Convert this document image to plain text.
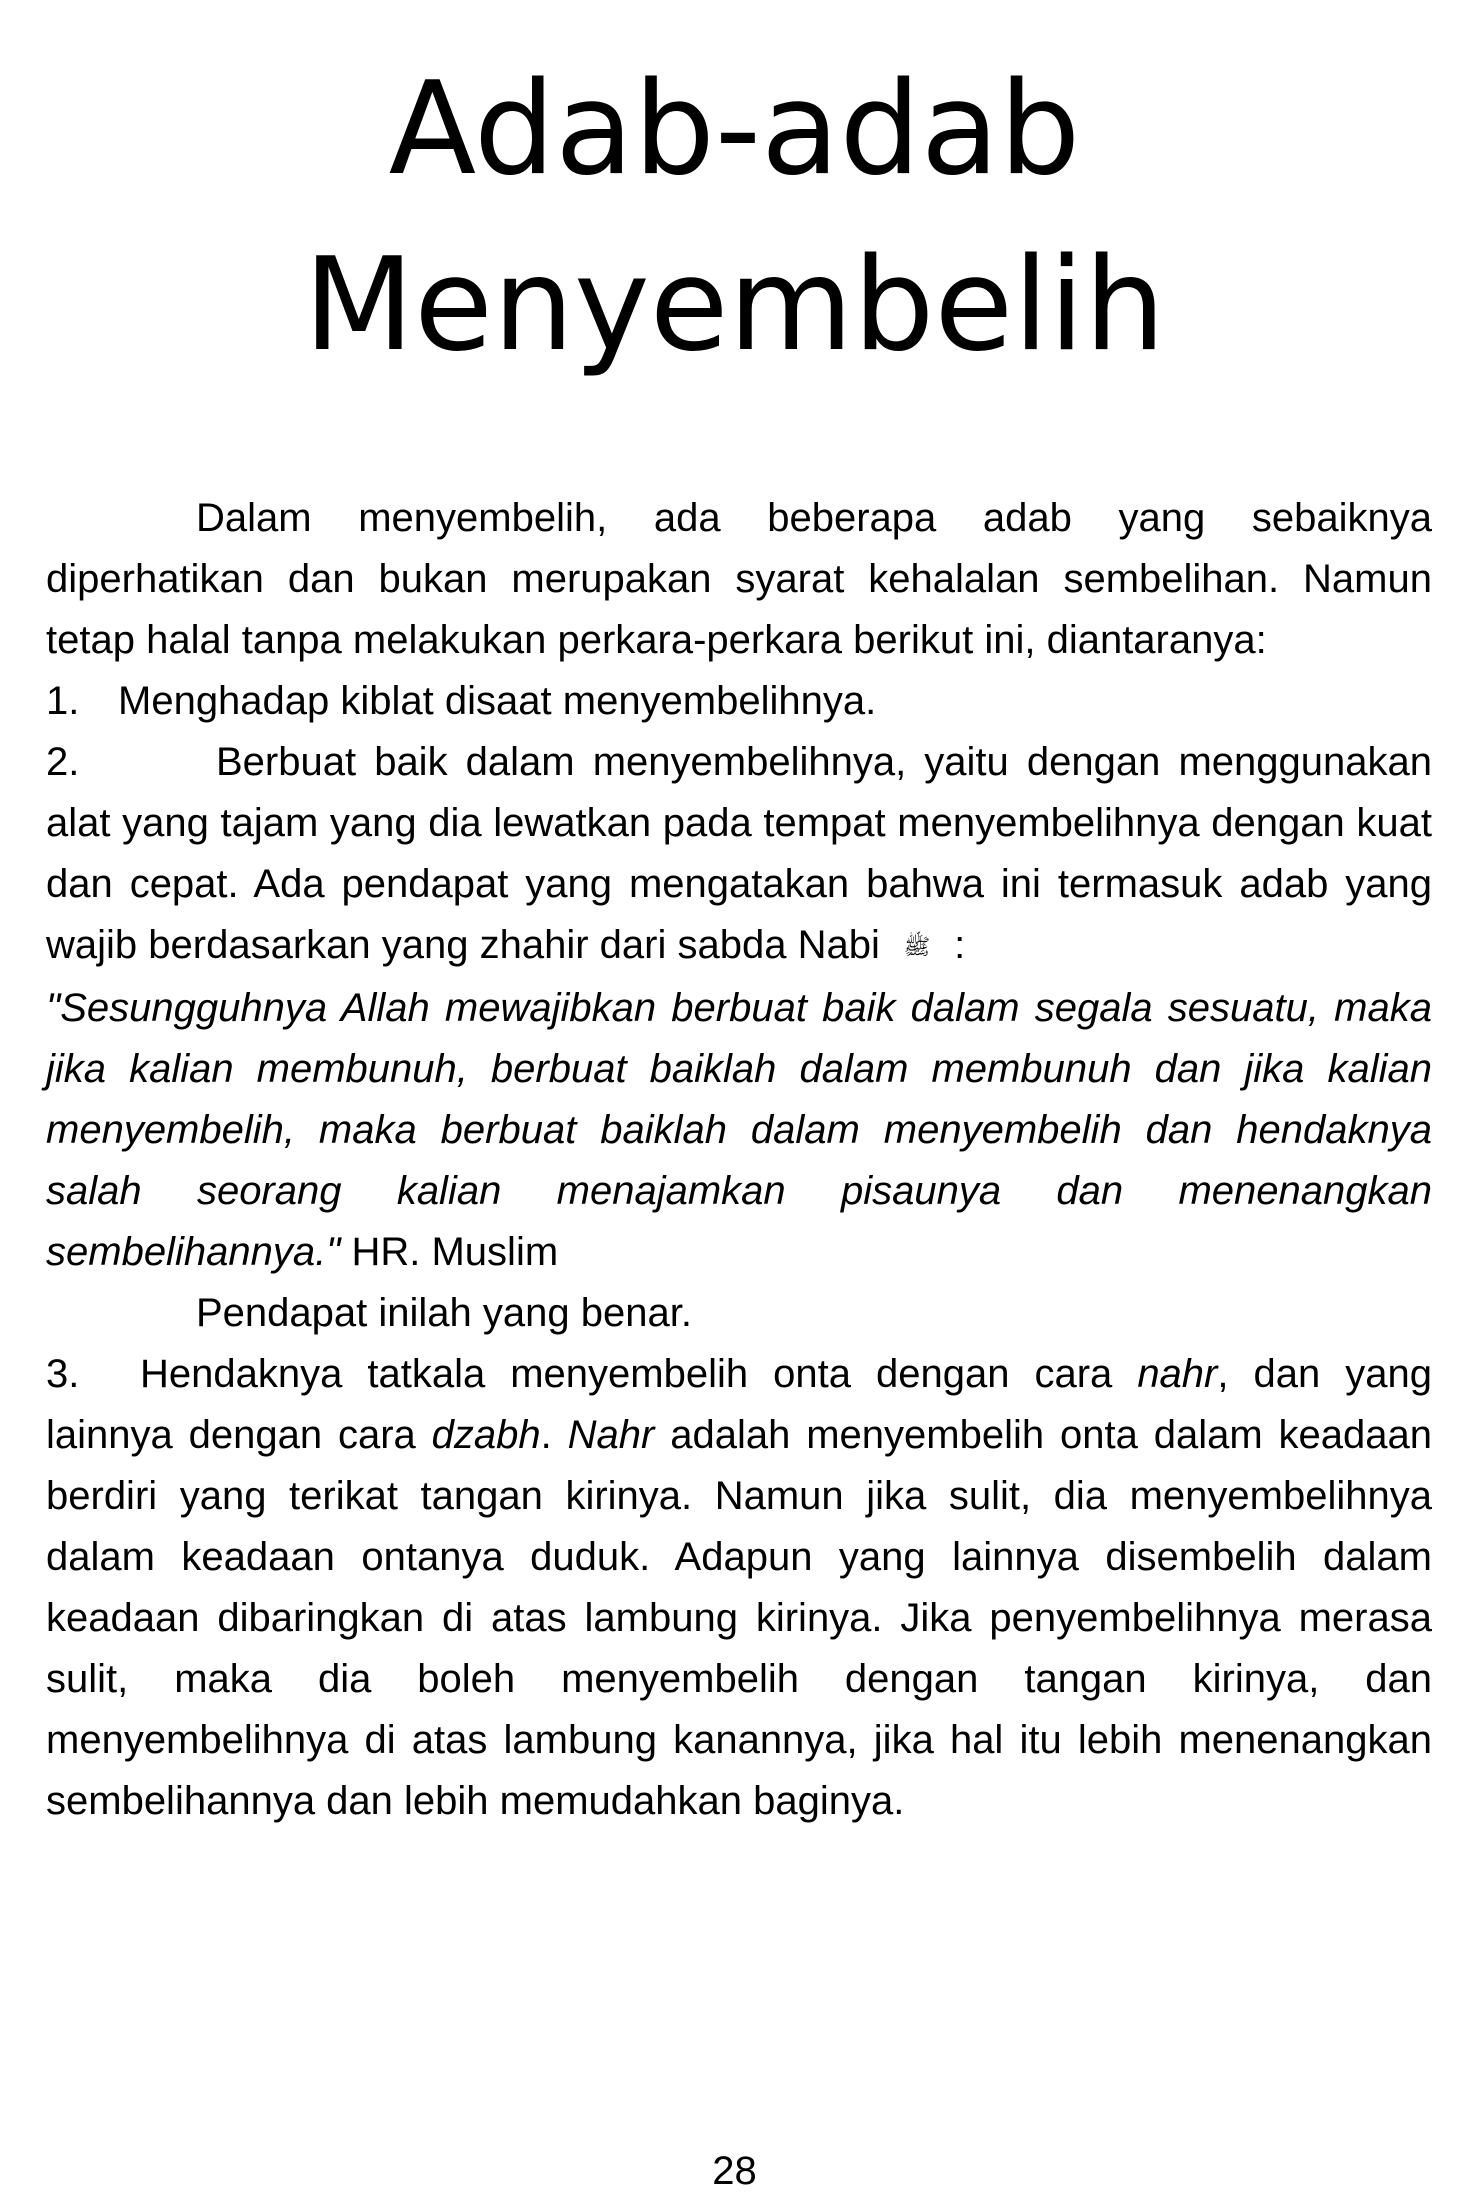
Adab-adab
Menyembelih

Dalam menyembelih, ada beberapa adab yang sebaiknya diperhatikan dan bukan merupakan syarat kehalalan sembelihan. Namun tetap halal tanpa melakukan perkara-perkara berikut ini, diantaranya:

1. Menghadap kiblat disaat menyembelihnya.

2.	Berbuat baik dalam menyembelihnya, yaitu dengan menggunakan alat yang tajam yang dia lewatkan pada tempat menyembelihnya dengan kuat dan cepat. Ada pendapat yang mengatakan bahwa ini termasuk adab yang wajib berdasarkan yang zhahir dari sabda Nabi ﷺ :
"Sesungguhnya Allah mewajibkan berbuat baik dalam segala sesuatu, maka jika kalian membunuh, berbuat baiklah dalam membunuh dan jika kalian menyembelih, maka berbuat baiklah dalam menyembelih dan hendaknya salah seorang kalian menajamkan pisaunya dan menenangkan sembelihannya." HR. Muslim

Pendapat inilah yang benar.

3. Hendaknya tatkala menyembelih onta dengan cara nahr, dan yang lainnya dengan cara dzabh. Nahr adalah menyembelih onta dalam keadaan berdiri yang terikat tangan kirinya. Namun jika sulit, dia menyembelihnya dalam keadaan ontanya duduk. Adapun yang lainnya disembelih dalam keadaan dibaringkan di atas lambung kirinya. Jika penyembelihnya merasa sulit, maka dia boleh menyembelih dengan tangan kirinya, dan menyembelihnya di atas lambung kanannya, jika hal itu lebih menenangkan sembelihannya dan lebih memudahkan baginya.

28
